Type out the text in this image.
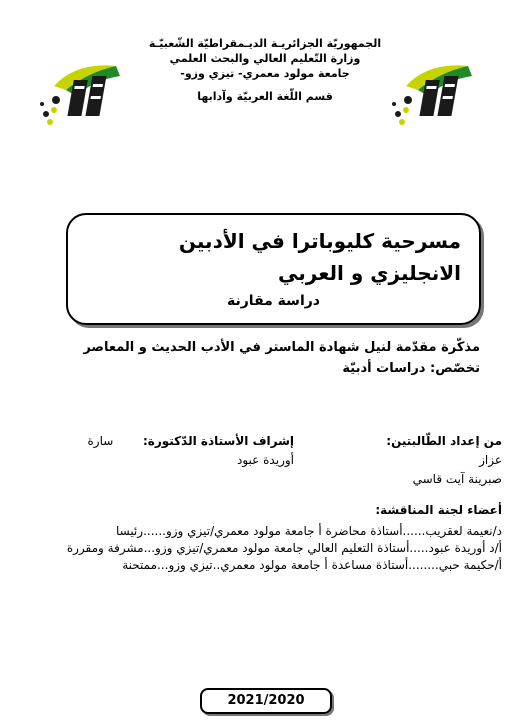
الجمهوريّة الجزائريـة الديـمقراطيّة الشّعبيّـة
وزارة التّعليم العالي والبحث العلمي
جامعة مولود معمري- تيزي وزو-
قسم اللّغة العربيّة وآدابها
مسرحية كليوباترا في الأدبين الانجليزي و العربي
دراسة مقارنة
مذكّرة مقدّمة لنيل شهادة الماستر في الأدب الحديث و المعاصر
تخصّص: دراسات أدبيّة
من إعداد الطّالبتين:
عزاز
صبرينة آيت قاسي
إشراف الأستاذة الدّكتورة:  سارة
أوريدة عبود
أعضاء لجنة المناقشة:
د/نعيمة لعقريب......أستاذة محاضرة أ جامعة مولود معمري/تيزي وزو......رئيسا
أ/د أوريدة عبود.....أستاذة التعليم العالي جامعة مولود معمري/تيزي وزو...مشرفة ومقررة
أ/حكيمة حبي........أستاذة مساعدة أ جامعة مولود معمري..تيزي وزو...ممتحنة
2021/2020
